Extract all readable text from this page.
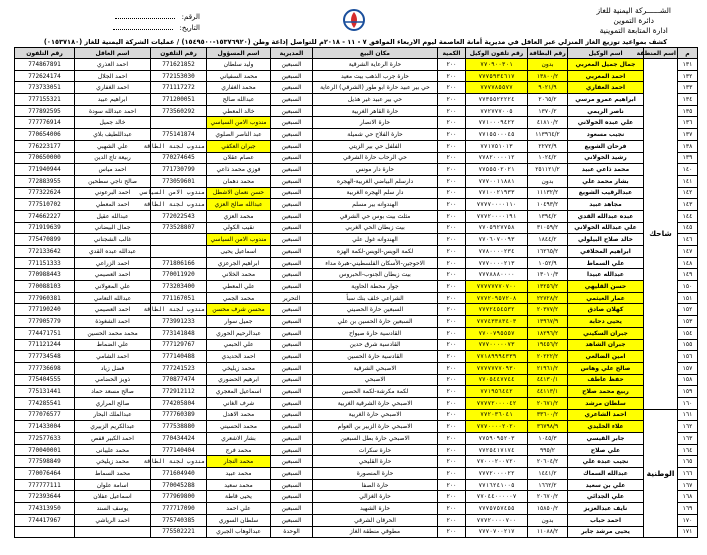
الشــــــركة اليمنية للغاز
دائرة التموين
ادارة المتابعة التموينية
الرقم:
التاريخ:
كشف بمواعيد توزيع الغاز المنزلي عبر العاقل في مديرية أمانة العاصمة ليوم الاربعاء الموافق ٧ - ١١ - ٢٠١٨م للتواصل إذاعة وطن (١٥٣٧٦٩٢٠-١٥٤٩٥٠٠) / عمليات الشركة اليمنية للغاز (٠١٥٣٧١٨٠)
م	اسم المنطقة	اسم الوكيل	رقم البطاقة	رقم تلفون الوكيل	الكمية	مكان البيع	المديرية	اسم المسؤول	رقم التلفون	اسم العاقل	رقم التلفون
١٣١	شاحك	جمال جميل المغربي	بدون	٧٧٠٩٠٠٣٠١	٢٠٠	حارة الرعاية الشرقية	السبعين	وليد سلطان	771621852	احمد العذري	774867891
١٣٢		احمد المغربي	١٣٨٠٠/٢	٧٧٧٥٩٣٤٦١٧	٢٠٠	حارة جرب الذهب بيت معيد	السبعين	محمد السفياني	772153030	احمد الجلال	772624174
١٣٣		احمد الغفاري	٩٠٢١/٩	٧٧٧٧٨٥٥٧٧	٢٠٠	حي بير عبيد حارة ابو طور (الشرقي) الرعاية	السبعين	محمد الغفاري	771117272	احمد الغفاري	773733051
١٣٤		ابراهيم عمرو مرسي	٢٠٦٥/٢	٧٧٣٥٥٢٢٢٢٤	٢٠٠	حي بير عبيد غير هذيل	السبعين	عبدالله صالح	771200051	ابراهيم عبيد	777155321
١٣٥		ناصر الريمي	١٣٧٠/٢	٧٧٢٧٧٧٠٠٥	٢٠٠	حارة القاهر الغربية	السبعين	خالد المعطي	773560292	احمد عبدالله سودة	777892595
١٣٦		علي عبده الخولاني	٤١٨١٠/٢	٧٧١٠٠٠٩٤٢٢	٢٠٠	حارة الانصار	السبعين	مندوب الامن السياسي		خالد جميل	777776914
١٣٧		نجيب مسعود	١١٣٩٦٤/٢	٧٧١٥٥٠٠٠٤٥	٢٠٠	حارة الفلاح حي شميلة	السبعين	عبد الناصر الصلوي	775141874	عبداللطيف بلاي	770654006
١٣٨		فرحان الشويع	٢٢٧٢/٩	٧٧١٧٥١٠١٣	٢٠٠	الفلفل حي بير الزيتي	السبعين	جبران العكفي	مندوب لجنة الطاقة	علي الشهبي	776223177
١٣٩		رشيد الخولاني	١٠٢٤/٢	٧٧٨٢٠٠٠٠١٢	٢٠٠	حي الرحاب حارة الشرقي	السبعين	عصام عقلان	770274645	ربيعة تاج الدين	770650000
١٤٠		محمد ذاعي عبيد	٢٥١١٢١/٢	٧٧٥٥٥٠٢٠٢١	٢٠٠	حارة دار مونس	السبعين	فوزي محمد ذاعي	771730799	احمد مياس	771940944
١٤١		بشار محمد علي	بدون	٧٧٧٠٠١١٨٨١	٢٠٠	دارسلم البياضي الغربية-الهجره	السبعين	محمد دهمان	773059601	صالح ناجي سطحين	772883955
١٤٢		عبدالرقيب الشويع	١١١٣٢/٢	٧٧١٠٠٢١٩٣٣	٢٠٠	دار سلم الهجره الغربية	السبعين	حسن نعمان الاشطل	مندوب الامن السياسي	احمد البرعوني	777322624
١٤٣		مجاهد عبيد	١٠٤٩٣/٢	٧٧٧٧٠٠٠٠١١٠	٢٠٠	الهندوانه بير مسلم	السبعين	عبدالله صالح العزي	مندوب لجنة الطاقة	احمد المعطي	777510702
١٤٤		عبده عبدالله القدي	١٣٩٤/٢	٧٧٧٢٠٠٠٠١٩١	٢٠٠	مثلث بيت بوس حي الشرقي	السبعين	محمد العزي	772022543	عبدالله عقيل	774662227
١٤٥		علي عبدالله الخولاني	٣١٠٥٩/٢	٧٧٠٥٩٢٧٧٥٨	٢٠٠	بيت زبطان الحي الغربي	السبعين	نقيب الكولي	773528807	جمال البيضاني	771919639
١٤٦		خالد صلاح البيلولي	١٨٤٤/٢	٧٧٠٦٠٧٠٠٩٣	٢٠٠	الهندوانه غول علي	السبعين	مندوب الامن السياسي		غالب الشجناني	775470899
١٤٧		ابراهيم المخلافي	١٦٢٦٥/٢	٧٧٨٠٠٠٠٢٣٤	٢٠٠	لكمة الويس-الويس-لكمة الهزه	السبعين	اسماعيل يحيى		عبدالله عبده القدي	772133642
١٤٨		علي السماط	١٠٥٢/٩	٧٧٧٠٠٠٠٢١٣	٢٠٠	الاحوجين-الأسكان الفلسطيني-هبرة مداء	السبعين	ابراهيم الجرعزي	771806166	احمد الزراعي	771151333
١٤٩		عبدالله عبيدا	١٣٠١٠/٣	٧٧٧٨٨٨٠٠٠٠	٢٠٠	بيت زبطان الجنوب-الحبروس	السبعين	محمد الخلاني	770011920	احمد العصيمي	770988443
١٥٠		حسن القليهي	١٣٢٥٦/٢	٧٧٧٧٧٧٧٠٧٠٠	٢٠٠	جوار محطة الحاوية	السبعين	علي المعطي	773203400	علي المعولاني	770088103
١٥١		عمار العيثمي	٢٢٧٢٨/٢	٧٧٧٢٠٩٥٧٢٠٨	٢٠٠	الشراعي خلف بنك سبأ	التحرير	محمد الجمي	771167051	عبدالله التعامي	777960381
١٥٢		كهلان صادق	٢٠٣٧٧/٢	٧٧٧٢٤٥٤٥٣٢	٢٠٠	السبعين حارة الحصيني	السبعين	محسن شرف محسن	مندوب لجنة الطاقة	احمد العصيمي	777190240
١٥٣		يحيى دحابة	١٣٩٦٧/٩	٧٧٧٤٣٣٨٣٤٠٣	٢٠٠	السبعين حارة الحسين بن علي	السبعين	جميل سوار	773991233	احمد الشغوذة	777905779
١٥٤		جبران السكيني	١٨٢٩٦/٢	٧٧٠٠٧٩٥٥٥٧	٢٠٠	القادسية حارة صيواح	السبعين	عبدالرحيم الحوري	773141848	محمد محمد الحسين	774471751
١٥٥		جبران الشاهد	١٩٤٥٦/٢	٧٧٧٠٠٠٠٠٧٣	٢٠٠	القادسية شرق حدين	السبعين	علي الحبمي	777129767	علي الضماط	771121244
١٥٦		امين الضالعي	٢٠٢٢٢/٢	٧٧١٨٩٩٩٤٣٣٩	٢٠٠	القادسية حارة الحسين	السبعين	احمد الحديدي	777140488	احمد الشامي	777734548
١٥٧		صالح علي وهاس	٢١٩٦١/٢	٧٧٧٧٧٧٧٠٩٣٠	٢٠٠	الاصبحي الشرقية	السبعين	محمد زيليخي	777241523	فضل زياد	777736698
١٥٨		حفظ عاطف	٤٤١٣٠/١	٧٧٠٥٤٤٧٧٤٤	٢٠٠	الاصبحي	السبعين	ابرهيم الحضوري	770877474	ذويز الحضامي	775404555
١٥٩		ربيع محمد صلاح	٤٤١١٣/١	٧٧١٩٥٦٤٤٢	٢٠٠	لكمة مكرشة-لكمة الحصين	السبعين	اسماعيل المعجري	772912112	صالح مسعد حماد	775131441
١٦٠		سلطان مرشد	٢٠٦٧١/٢	٧٧٧٧٢٠٠٠٠٤٢	٢٠٠	الاصبحي حارة الشرقية الغربية	السبعين	شرف الغاني	774205804	صالح المراري	774285541
١٦١	الوطنية	احمد الشاعري	٣٣٦٠٠/٢	٧٧٢٠٣٦٠٤١	٢٠٠	الاصبحي حارة الغربية	السبعين	محمد الاهدل	777760389	عبدالملك البحار	777076577
١٦٢		علاء الخليدي	٣٦٧٩٨/٩	٧٧٧٠٠٠٠٢٠٢٠	٢٠٠	الاصبحي حارة الزبير بن العوام	السبعين	محمد الحسيني	777538880	عبدالكريم الزبيري	771433004
١٦٣		جابر القيسي	١٠٤٥/٣	٧٧٥٩٠٩٥٢٠٣	٢٠٠	الاصبحي حارة بطل السبعين	السبعين	بشار الاشعري	770434424	احمد الكبير قفص	772577633
١٦٤		علي صلاح	٩٩٥/٢	٧٧٢٥٤١٧١٧٤	٢٠٠	حارة سكرات	السبعين	محمد فرج	777140404	محمد عليبانى	770040001
١٦٥		نجيب عبده علي	٢٠٦٠٤/٢	٧٧٠٠٠٢٠٠٧٢٠	٢٠٠	حارة القليحي	السبعين	محمد النجار	مندوب لجنة الطاقة	محمد زيليخي	777598849
١٦٦		عبدالله السماك	١٤٤١/٢	٧٧٧٢٠٠٠٠٢٢	٢٠٠	حارة المنصورة	السبعين	محمد عبيد	771604940	محمد السماط	770076464
١٦٧		علي بن سعيد	١٦٦٢/٢	٧٧١٦٢٤١٠٠٥	٢٠٠	حارة الصفا	السبعين	محمد سعيد	770045288	اسامة علوان	777777111
١٦٨		علي الجدائي	٢٠٦٧٠/٢	٧٧٠٤٤٠٠٠٠٠٧	٢٠٠	حارة الغزالي	السبعين	يحيى قاطة	777969800	اسماعيل عفلان	772393644
١٦٩		نايف عبدالعزيز	١٥٨٥٠/٢	٧٧٧٥٧٥٧٤٥٥	٢٠٠	حارة الشهيد	السبعين	علي احمد	777717090	يوسف السند	774313950
١٧٠		احمد حباب	بدون	٧٧٧٢٠٠٠٠٧٠٠	٢٠٠	الحرقان الشرقي	السبعين	سلطان السوري	775740385	احمد الرياشي	774417967
١٧١		يحيى مرشد جابر	١١٠٨٨/٢	٧٧٧٠٧٠٠٢١٧	٢٠٠	مطوقي منطقة الغاز	الوحدة	عبدالوهاب الجبري	775502221		
